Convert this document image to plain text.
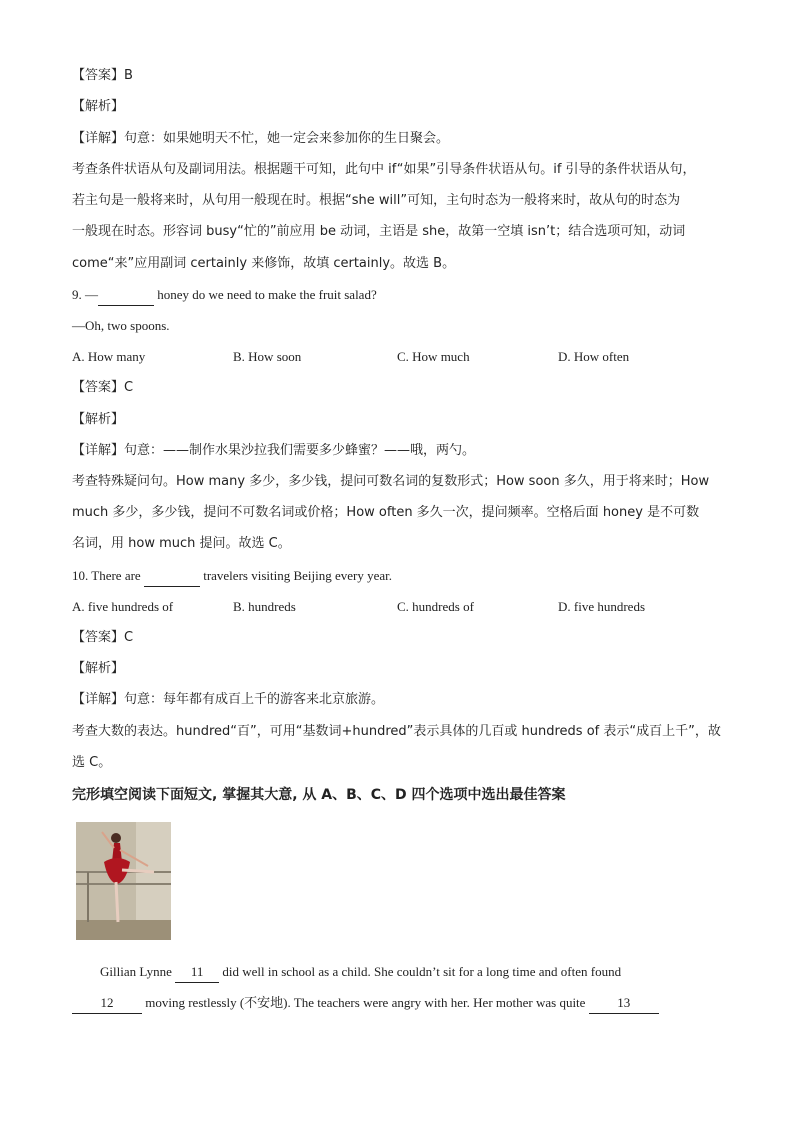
【答案】B
【解析】
【详解】句意：如果她明天不忙，她一定会来参加你的生日聚会。
考查条件状语从句及副词用法。根据题干可知，此句中 if“如果”引导条件状语从句。if 引导的条件状语从句，
若主句是一般将来时，从句用一般现在时。根据“she will”可知，主句时态为一般将来时，故从句的时态为
一般现在时态。形容词 busy“忙的”前应用 be 动词，主语是 she，故第一空填 isn’t；结合选项可知，动词
come“来”应用副词 certainly 来修饰，故填 certainly。故选 B。
9. —	honey do we need to make the fruit salad?
—Oh, two spoons.
A. How many	B. How soon	C. How much	D. How often
【答案】C
【解析】
【详解】句意：——制作水果沙拉我们需要多少蜂蜜？——哦，两勺。
考查特殊疑问句。How many 多少，多少钱，提问可数名词的复数形式；How soon 多久，用于将来时；How
much 多少，多少钱，提问不可数名词或价格；How often 多久一次，提问频率。空格后面 honey 是不可数
名词，用 how much 提问。故选 C。
10. There are	travelers visiting Beijing every year.
A. five hundreds of	B. hundreds	C. hundreds of	D. five hundreds
【答案】C
【解析】
【详解】句意：每年都有成百上千的游客来北京旅游。
考查大数的表达。hundred“百”，可用“基数词+hundred”表示具体的几百或 hundreds of 表示“成百上千”，故
选 C。
完形填空阅读下面短文, 掌握其大意, 从 A、B、C、D 四个选项中选出最佳答案
Gillian Lynne 11 did well in school as a child. She couldn’t sit for a long time and often found
12 moving restlessly (不安地). The teachers were angry with her. Her mother was quite 13
